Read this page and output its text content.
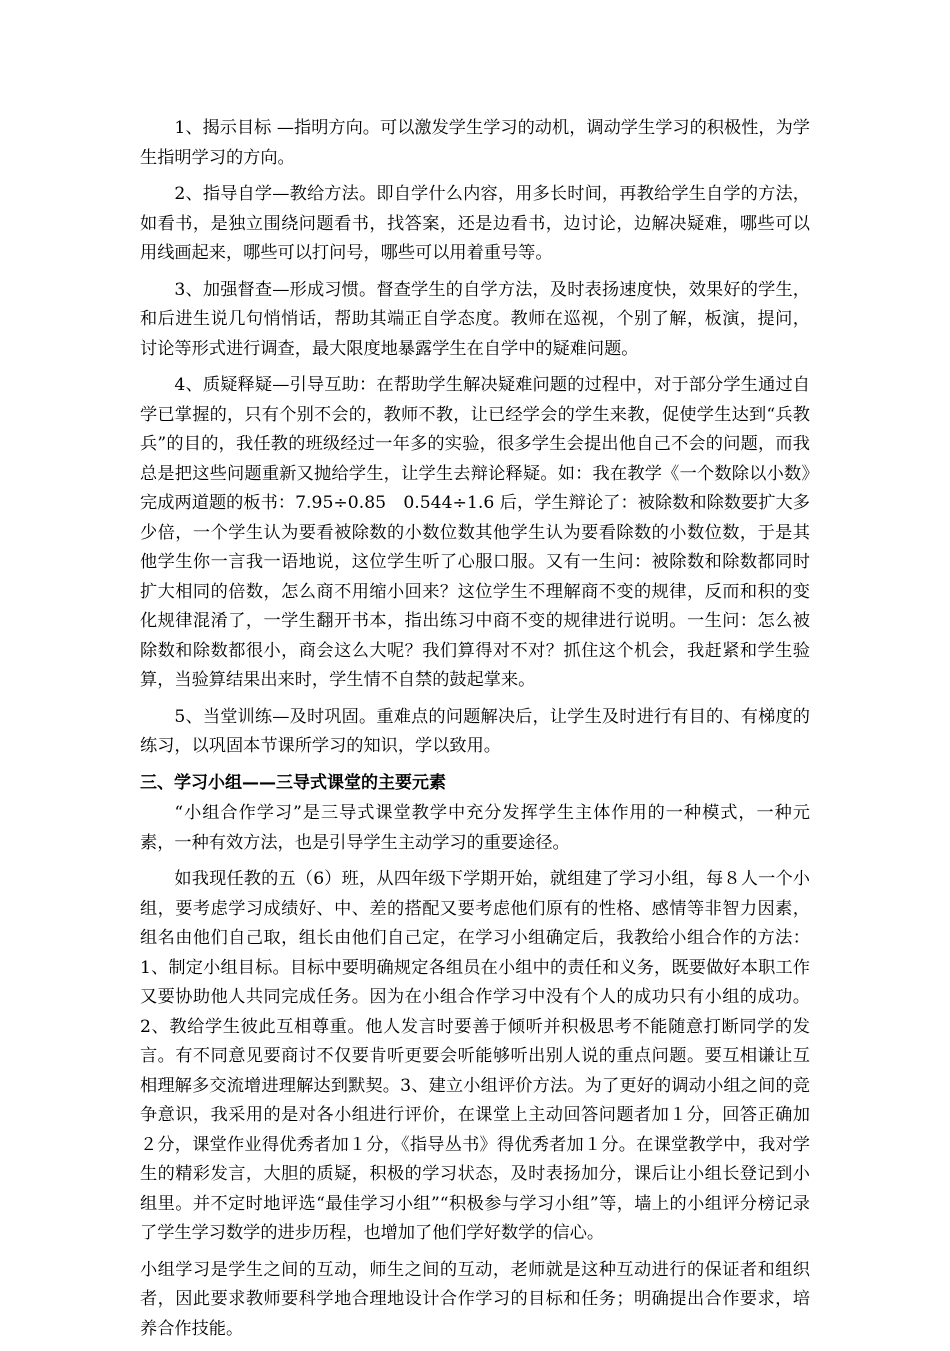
1、揭示目标 —指明方向。可以激发学生学习的动机，调动学生学习的积极性，为学生指明学习的方向。

2、指导自学—教给方法。即自学什么内容，用多长时间，再教给学生自学的方法，如看书，是独立围绕问题看书，找答案，还是边看书，边讨论，边解决疑难，哪些可以用线画起来，哪些可以打问号，哪些可以用着重号等。

3、加强督查—形成习惯。督查学生的自学方法，及时表扬速度快，效果好的学生，和后进生说几句悄悄话，帮助其端正自学态度。教师在巡视，个别了解，板演，提问，讨论等形式进行调查，最大限度地暴露学生在自学中的疑难问题。

4、质疑释疑—引导互助：在帮助学生解决疑难问题的过程中，对于部分学生通过自学已掌握的，只有个别不会的，教师不教，让已经学会的学生来教，促使学生达到“兵教兵”的目的，我任教的班级经过一年多的实验，很多学生会提出他自己不会的问题，而我总是把这些问题重新又抛给学生，让学生去辩论释疑。如：我在教学《一个数除以小数》完成两道题的板书：7.95÷0.85　0.544÷1.6 后，学生辩论了：被除数和除数要扩大多少倍，一个学生认为要看被除数的小数位数其他学生认为要看除数的小数位数，于是其他学生你一言我一语地说，这位学生听了心服口服。又有一生问：被除数和除数都同时扩大相同的倍数，怎么商不用缩小回来？这位学生不理解商不变的规律，反而和积的变化规律混淆了，一学生翻开书本，指出练习中商不变的规律进行说明。一生问：怎么被除数和除数都很小，商会这么大呢？我们算得对不对？抓住这个机会，我赶紧和学生验算，当验算结果出来时，学生情不自禁的鼓起掌来。

5、当堂训练—及时巩固。重难点的问题解决后，让学生及时进行有目的、有梯度的练习，以巩固本节课所学习的知识，学以致用。

三、学习小组——三导式课堂的主要元素

“小组合作学习”是三导式课堂教学中充分发挥学生主体作用的一种模式，一种元素，一种有效方法，也是引导学生主动学习的重要途径。

如我现任教的五（6）班，从四年级下学期开始，就组建了学习小组，每８人一个小组，要考虑学习成绩好、中、差的搭配又要考虑他们原有的性格、感情等非智力因素，组名由他们自己取，组长由他们自己定，在学习小组确定后，我教给小组合作的方法： 1、制定小组目标。目标中要明确规定各组员在小组中的责任和义务，既要做好本职工作又要协助他人共同完成任务。因为在小组合作学习中没有个人的成功只有小组的成功。 2、教给学生彼此互相尊重。他人发言时要善于倾听并积极思考不能随意打断同学的发言。有不同意见要商讨不仅要肯听更要会听能够听出别人说的重点问题。要互相谦让互相理解多交流增进理解达到默契。3、建立小组评价方法。为了更好的调动小组之间的竞争意识，我采用的是对各小组进行评价，在课堂上主动回答问题者加１分，回答正确加２分，课堂作业得优秀者加１分，《指导丛书》得优秀者加１分。在课堂教学中，我对学生的精彩发言，大胆的质疑，积极的学习状态，及时表扬加分，课后让小组长登记到小组里。并不定时地评选“最佳学习小组”“积极参与学习小组”等，墙上的小组评分榜记录了学生学习数学的进步历程，也增加了他们学好数学的信心。

小组学习是学生之间的互动，师生之间的互动，老师就是这种互动进行的保证者和组织者，因此要求教师要科学地合理地设计合作学习的目标和任务；明确提出合作要求，培养合作技能。
